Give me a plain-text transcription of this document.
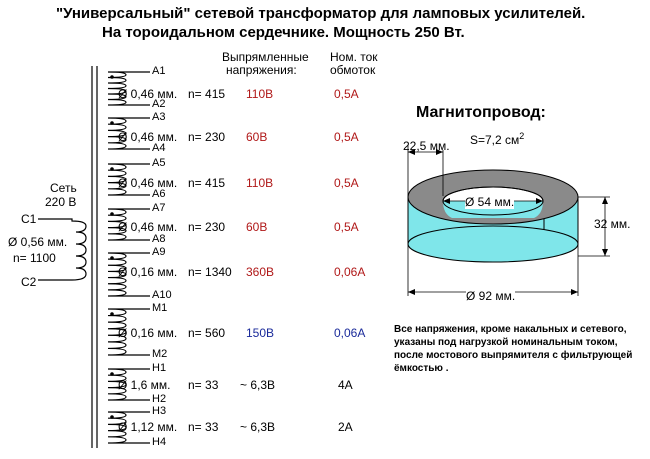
"Универсальный" сетевой трансформатор для ламповых усилителей.
На тороидальном сердечнике. Мощность 250 Вт.
Выпрямленные
напряжения:
Ном. ток
обмоток
Сеть
220 В
C1
C2
Ø 0,56 мм.
n= 1100
A1
A2
Ø 0,46 мм. n= 415 110В	0,5А
A3
A4
Ø 0,46 мм. n= 230 60В	0,5А
A5
A6
Ø 0,46 мм. n= 415 110В	0,5А
A7
A8
Ø 0,46 мм. n= 230 60В	0,5А
A9
A10
Ø 0,16 мм. n= 1340 360В	0,06А
M1
M2
Ø 0,16 мм. n= 560 150В	0,06А
H1
H2
Ø 1,6 мм. n= 33 ~ 6,3В	4А
H3
H4
Ø 1,12 мм. n= 33 ~ 6,3В	2А
Магнитопровод:
S=7,2 $см^2$
22,5 мм.
Ø 54 мм.
32 мм.
Ø 92 мм.
Все напряжения, кроме накальных и сетевого,
указаны под нагрузкой номинальным током,
после мостового выпрямителя с фильтрующей
ёмкостью .
